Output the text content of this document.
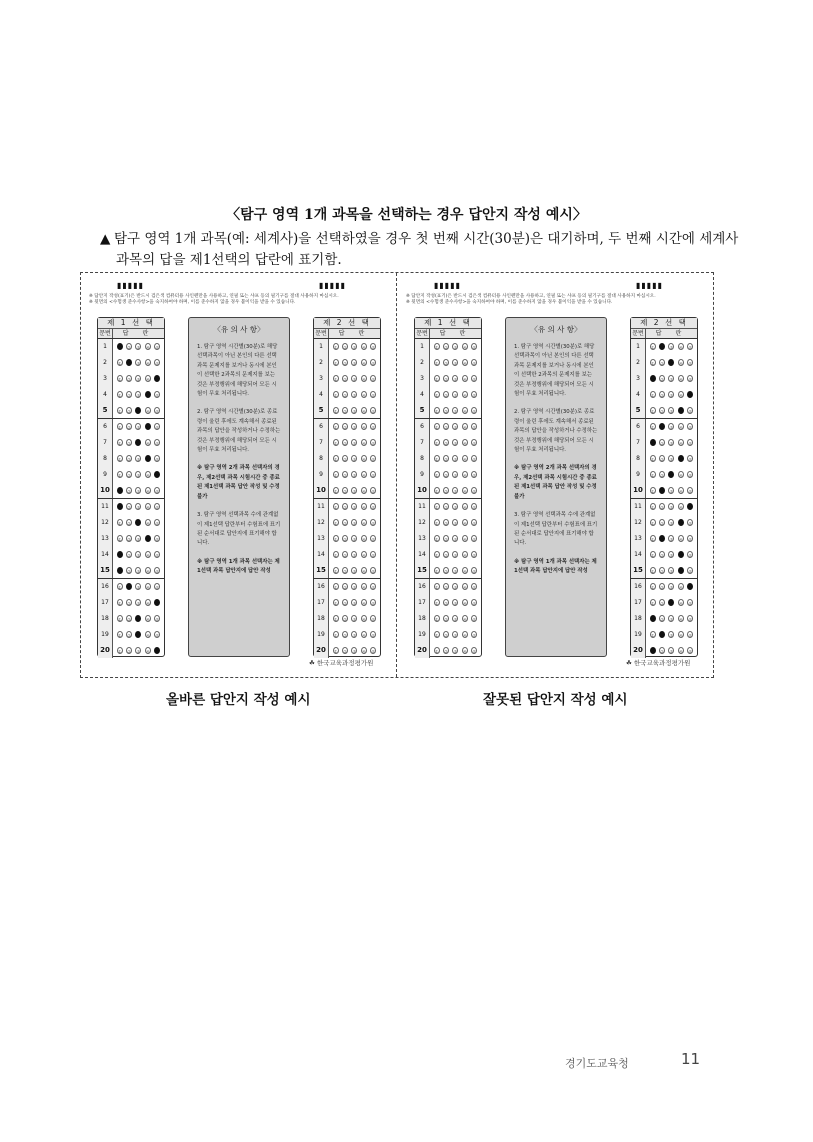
〈탐구 영역 1개 과목을 선택하는 경우 답안지 작성 예시〉
▲ 탐구 영역 1개 과목(예: 세계사)을 선택하였을 경우 첫 번째 시간(30분)은 대기하며, 두 번째 시간에 세계사
과목의 답을 제1선택의 답란에 표기함.
▮▮▮▮▮	▮▮▮▮▮
※ 답안지 작성(표기)은 반드시 검은색 컴퓨터용 사인펜만을 사용하고, 연필 또는 샤프 등의 필기구를 절대 사용하지 마십시오.
※ 뒷면의 <수험생 준수사항>을 숙지하여야 하며, 이를 준수하지 않을 경우 불이익을 받을 수 있습니다.
제 1 선 택
문번	답 란
1	①	②	③	④	⑤
2	①	②	③	④	⑤
3	①	②	③	④	⑤
4	①	②	③	④	⑤
5	①	②	③	④	⑤
6	①	②	③	④	⑤
7	①	②	③	④	⑤
8	①	②	③	④	⑤
9	①	②	③	④	⑤
10	①	②	③	④	⑤
11	①	②	③	④	⑤
12	①	②	③	④	⑤
13	①	②	③	④	⑤
14	①	②	③	④	⑤
15	①	②	③	④	⑤
16	①	②	③	④	⑤
17	①	②	③	④	⑤
18	①	②	③	④	⑤
19	①	②	③	④	⑤
20	①	②	③	④	⑤
〈유 의 사 항〉

1. 탐구 영역 시간별(30분)로 해당 선택과목이 아닌 본인의 다른 선택과목 문제지를 보거나 동시에 본인이 선택한 2과목의 문제지를 보는 것은 부정행위에 해당되어 모든 시험이 무효 처리됩니다.

2. 탐구 영역 시간별(30분)로 종료령이 울린 후에도 계속해서 종료된 과목의 답안을 작성하거나 수정하는 것은 부정행위에 해당되어 모든 시험이 무효 처리됩니다.

※ 탐구 영역 2개 과목 선택자의 경우, 제2선택 과목 시험시간 중 종료된 제1선택 과목 답안 작성 및 수정 불가

3. 탐구 영역 선택과목 수에 관계없이 제1선택 답란부터 수험표에 표기된 순서대로 답안지에 표기해야 합니다.

※ 탐구 영역 1개 과목 선택자는 제1선택 과목 답안지에 답안 작성

제 2 선 택
문번	답 란
1	①	②	③	④	⑤
2	①	②	③	④	⑤
3	①	②	③	④	⑤
4	①	②	③	④	⑤
5	①	②	③	④	⑤
6	①	②	③	④	⑤
7	①	②	③	④	⑤
8	①	②	③	④	⑤
9	①	②	③	④	⑤
10	①	②	③	④	⑤
11	①	②	③	④	⑤
12	①	②	③	④	⑤
13	①	②	③	④	⑤
14	①	②	③	④	⑤
15	①	②	③	④	⑤
16	①	②	③	④	⑤
17	①	②	③	④	⑤
18	①	②	③	④	⑤
19	①	②	③	④	⑤
20	①	②	③	④	⑤
☘ 한국교육과정평가원
▮▮▮▮▮	▮▮▮▮▮
※ 답안지 작성(표기)은 반드시 검은색 컴퓨터용 사인펜만을 사용하고, 연필 또는 샤프 등의 필기구를 절대 사용하지 마십시오.
※ 뒷면의 <수험생 준수사항>을 숙지하여야 하며, 이를 준수하지 않을 경우 불이익을 받을 수 있습니다.
제 1 선 택
문번	답 란
1	①	②	③	④	⑤
2	①	②	③	④	⑤
3	①	②	③	④	⑤
4	①	②	③	④	⑤
5	①	②	③	④	⑤
6	①	②	③	④	⑤
7	①	②	③	④	⑤
8	①	②	③	④	⑤
9	①	②	③	④	⑤
10	①	②	③	④	⑤
11	①	②	③	④	⑤
12	①	②	③	④	⑤
13	①	②	③	④	⑤
14	①	②	③	④	⑤
15	①	②	③	④	⑤
16	①	②	③	④	⑤
17	①	②	③	④	⑤
18	①	②	③	④	⑤
19	①	②	③	④	⑤
20	①	②	③	④	⑤
〈유 의 사 항〉

1. 탐구 영역 시간별(30분)로 해당 선택과목이 아닌 본인의 다른 선택과목 문제지를 보거나 동시에 본인이 선택한 2과목의 문제지를 보는 것은 부정행위에 해당되어 모든 시험이 무효 처리됩니다.

2. 탐구 영역 시간별(30분)로 종료령이 울린 후에도 계속해서 종료된 과목의 답안을 작성하거나 수정하는 것은 부정행위에 해당되어 모든 시험이 무효 처리됩니다.

※ 탐구 영역 2개 과목 선택자의 경우, 제2선택 과목 시험시간 중 종료된 제1선택 과목 답안 작성 및 수정 불가

3. 탐구 영역 선택과목 수에 관계없이 제1선택 답란부터 수험표에 표기된 순서대로 답안지에 표기해야 합니다.

※ 탐구 영역 1개 과목 선택자는 제1선택 과목 답안지에 답안 작성

제 2 선 택
문번	답 란
1	①	②	③	④	⑤
2	①	②	③	④	⑤
3	①	②	③	④	⑤
4	①	②	③	④	⑤
5	①	②	③	④	⑤
6	①	②	③	④	⑤
7	①	②	③	④	⑤
8	①	②	③	④	⑤
9	①	②	③	④	⑤
10	①	②	③	④	⑤
11	①	②	③	④	⑤
12	①	②	③	④	⑤
13	①	②	③	④	⑤
14	①	②	③	④	⑤
15	①	②	③	④	⑤
16	①	②	③	④	⑤
17	①	②	③	④	⑤
18	①	②	③	④	⑤
19	①	②	③	④	⑤
20	①	②	③	④	⑤
☘ 한국교육과정평가원
올바른 답안지 작성 예시	잘못된 답안지 작성 예시
경기도교육청	11
